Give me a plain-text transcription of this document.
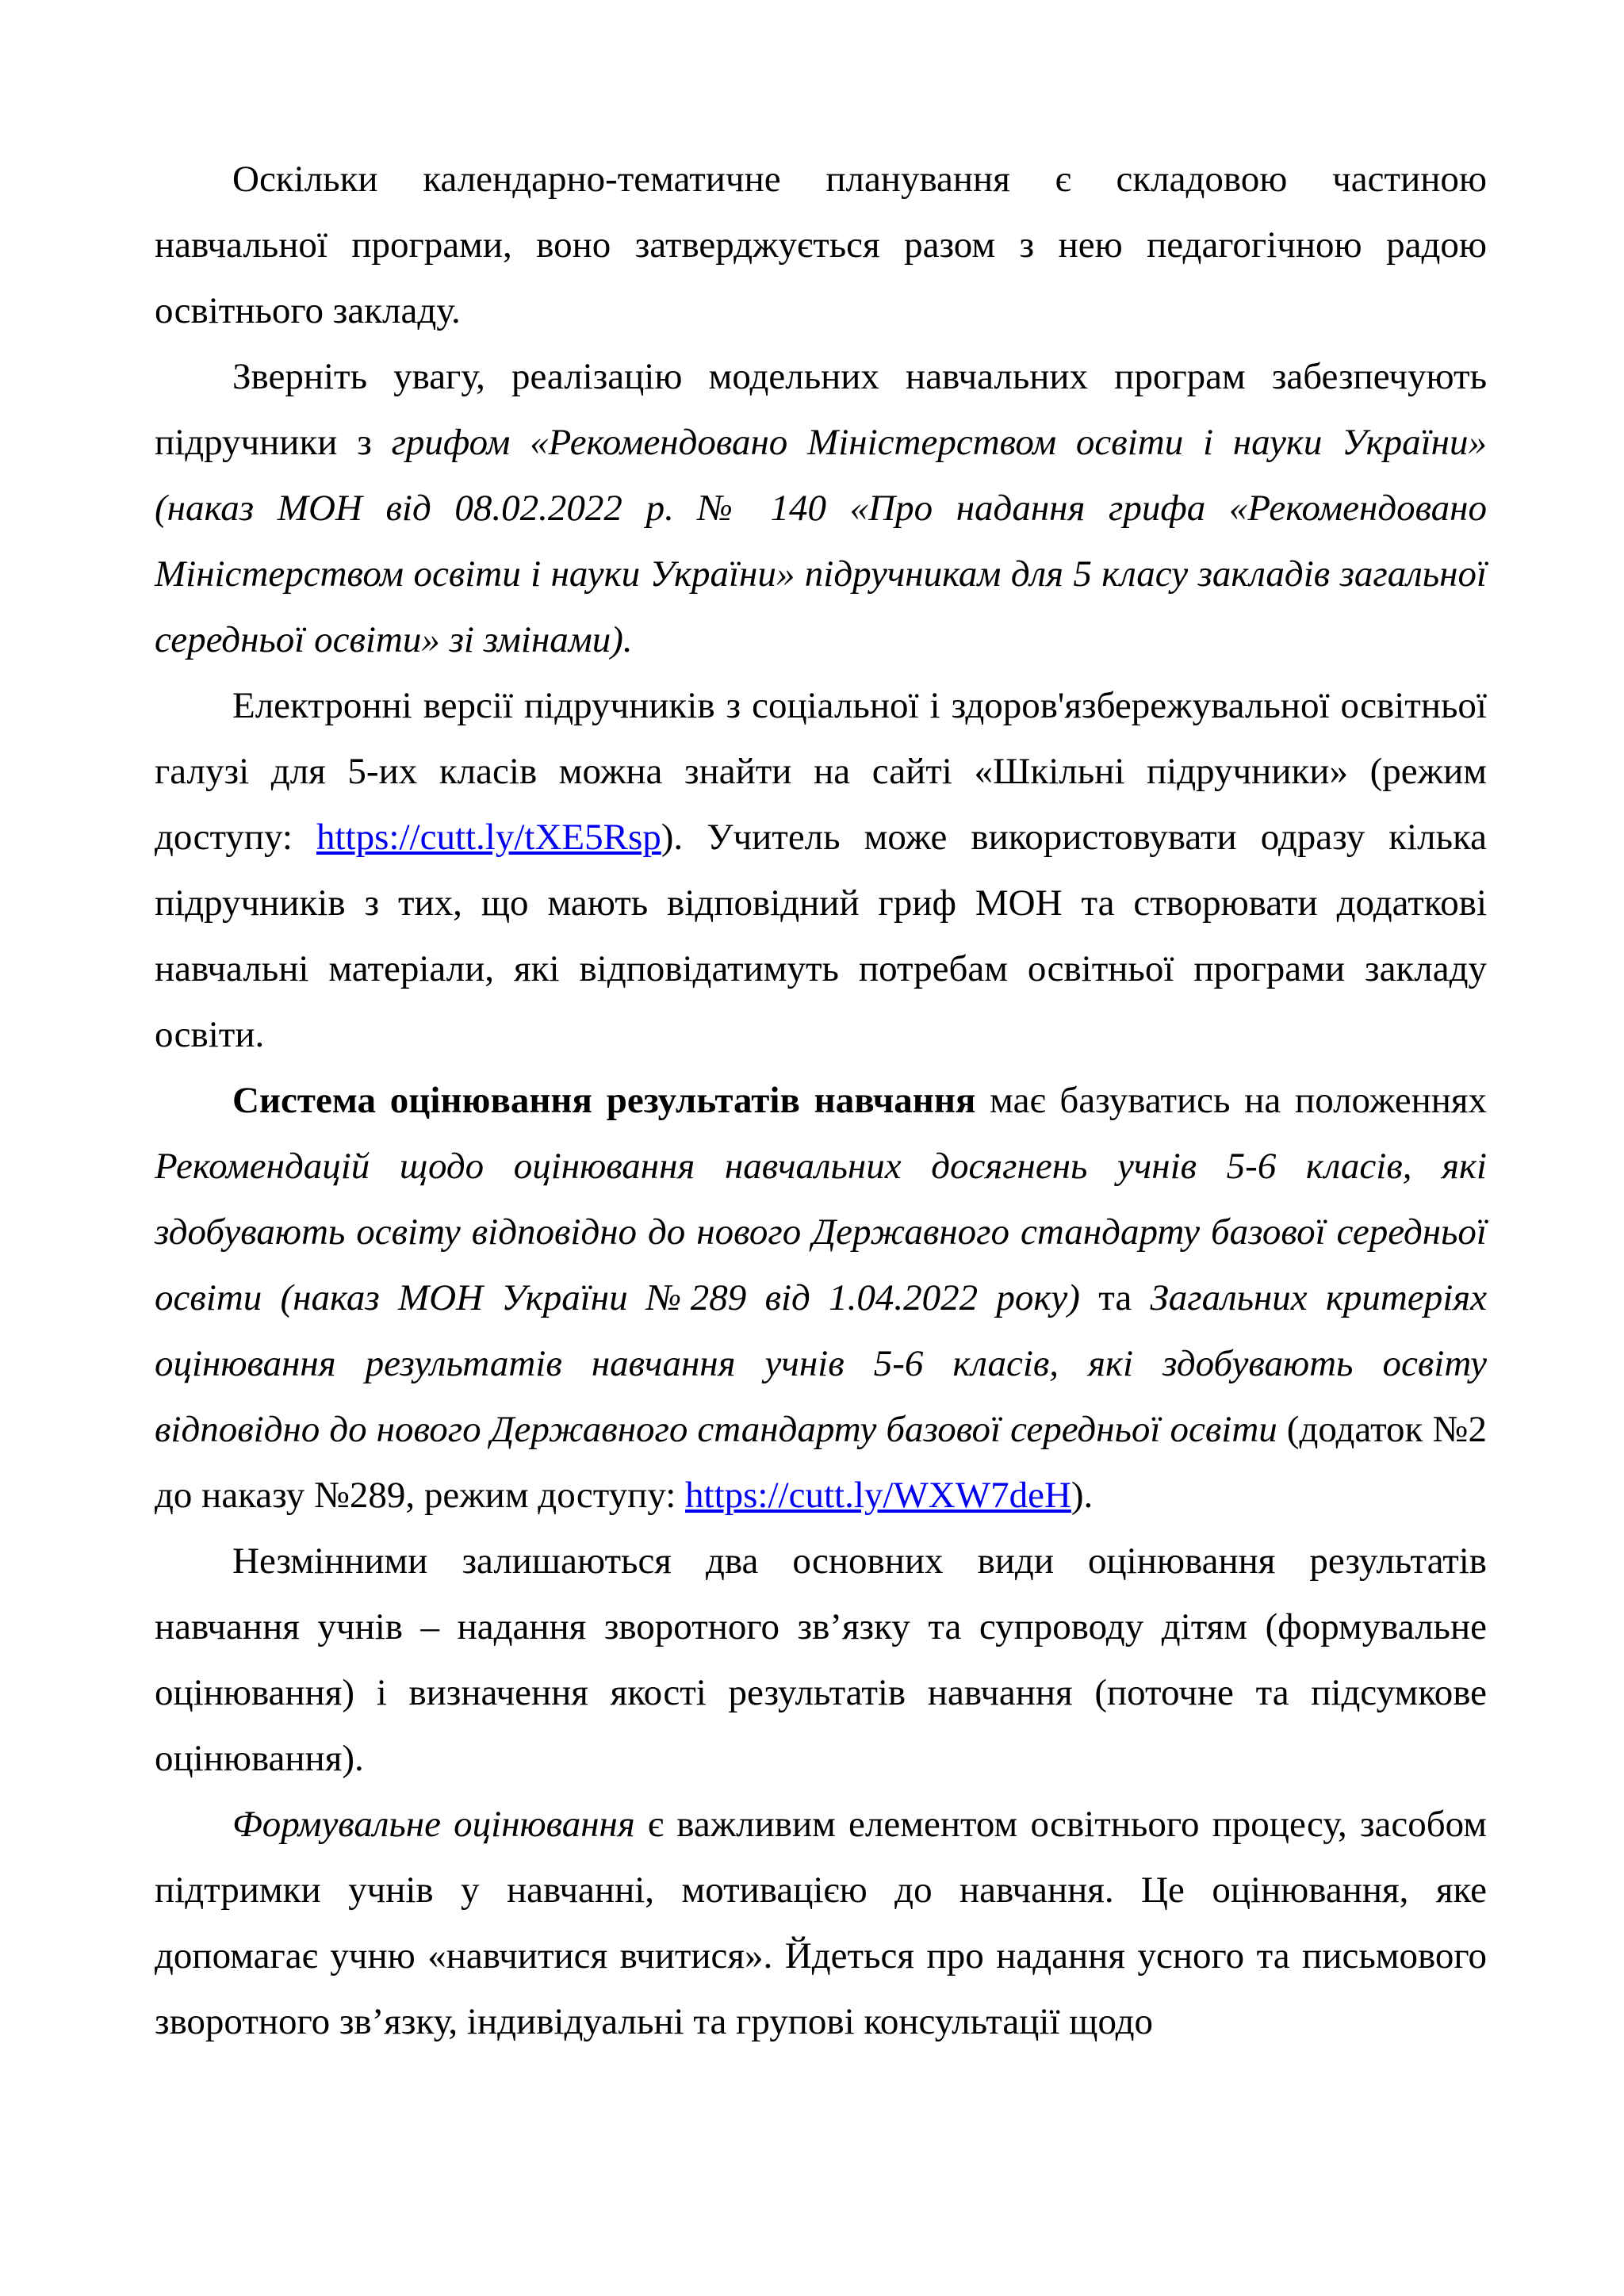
Оскільки календарно-тематичне планування є складовою частиною навчальної програми, воно затверджується разом з нею педагогічною радою освітнього закладу.

Зверніть увагу, реалізацію модельних навчальних програм забезпечують підручники з грифом «Рекомендовано Міністерством освіти і науки України» (наказ МОН від 08.02.2022 р. № 140 «Про надання грифа «Рекомендовано Міністерством освіти і науки України» підручникам для 5 класу закладів загальної середньої освіти» зі змінами).

Електронні версії підручників з соціальної і здоров'язбережувальної освітньої галузі для 5-их класів можна знайти на сайті «Шкільні підручники» (режим доступу: https://cutt.ly/tXE5Rsp). Учитель може використовувати одразу кілька підручників з тих, що мають відповідний гриф МОН та створювати додаткові навчальні матеріали, які відповідатимуть потребам освітньої програми закладу освіти.

Система оцінювання результатів навчання має базуватись на положеннях Рекомендацій щодо оцінювання навчальних досягнень учнів 5-6 класів, які здобувають освіту відповідно до нового Державного стандарту базової середньої освіти (наказ МОН України №289 від 1.04.2022 року) та Загальних критеріях оцінювання результатів навчання учнів 5-6 класів, які здобувають освіту відповідно до нового Державного стандарту базової середньої освіти (додаток №2 до наказу №289, режим доступу: https://cutt.ly/WXW7deH).

Незмінними залишаються два основних види оцінювання результатів навчання учнів – надання зворотного зв’язку та супроводу дітям (формувальне оцінювання) і визначення якості результатів навчання (поточне та підсумкове оцінювання).

Формувальне оцінювання є важливим елементом освітнього процесу, засобом підтримки учнів у навчанні, мотивацією до навчання. Це оцінювання, яке допомагає учню «навчитися вчитися». Йдеться про надання усного та письмового зворотного зв’язку, індивідуальні та групові консультації щодо
